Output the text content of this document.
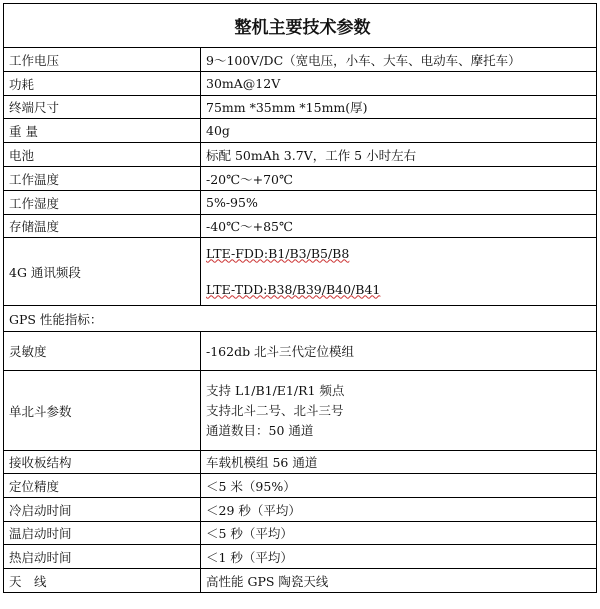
整机主要技术参数	
工作电压	9～100V/DC（宽电压，小车、大车、电动车、摩托车）
功耗	30mA@12V
终端尺寸	75mm *35mm *15mm(厚)
重 量	40g
电池	标配 50mAh 3.7V，工作 5 小时左右
工作温度	-20℃～+70℃
工作湿度	5%-95%
存储温度	-40℃～+85℃
4G 通讯频段	LTE-FDD:B1/B3/B5/B8
LTE-TDD:B38/B39/B40/B41

GPS 性能指标：	
灵敏度	-162db 北斗三代定位模组
单北斗参数	支持 L1/B1/E1/R1 频点
支持北斗二号、北斗三号
通道数目：50 通道

接收板结构	车载机模组 56 通道
定位精度	＜5 米（95%）
冷启动时间	＜29 秒（平均）
温启动时间	＜5 秒（平均）
热启动时间	＜1 秒（平均）
天　线	高性能 GPS 陶瓷天线
